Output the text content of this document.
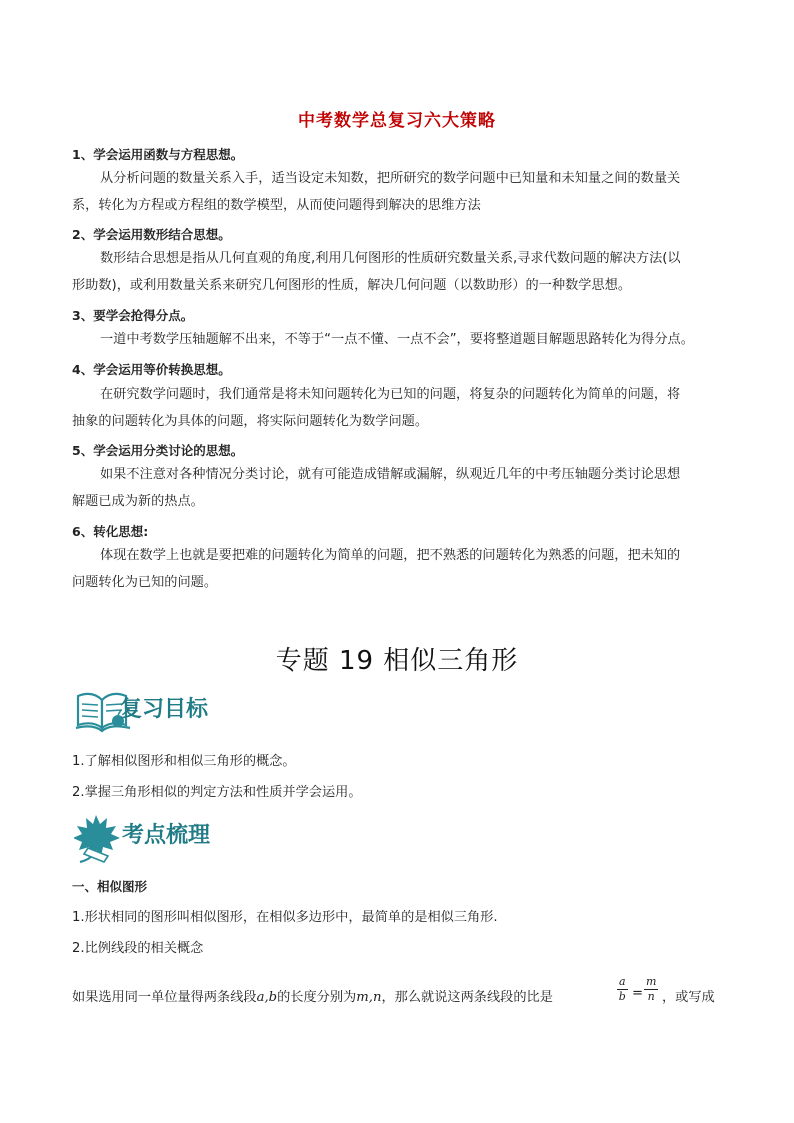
中考数学总复习六大策略
1、学会运用函数与方程思想。
从分析问题的数量关系入手，适当设定未知数，把所研究的数学问题中已知量和未知量之间的数量关
系，转化为方程或方程组的数学模型，从而使问题得到解决的思维方法
2、学会运用数形结合思想。
数形结合思想是指从几何直观的角度,利用几何图形的性质研究数量关系,寻求代数问题的解决方法(以
形助数)，或利用数量关系来研究几何图形的性质，解决几何问题（以数助形）的一种数学思想。
3、要学会抢得分点。
一道中考数学压轴题解不出来，不等于“一点不懂、一点不会”，要将整道题目解题思路转化为得分点。
4、学会运用等价转换思想。
在研究数学问题时，我们通常是将未知问题转化为已知的问题，将复杂的问题转化为简单的问题，将
抽象的问题转化为具体的问题，将实际问题转化为数学问题。
5、学会运用分类讨论的思想。
如果不注意对各种情况分类讨论，就有可能造成错解或漏解，纵观近几年的中考压轴题分类讨论思想
解题已成为新的热点。
6、转化思想:
体现在数学上也就是要把难的问题转化为简单的问题，把不熟悉的问题转化为熟悉的问题，把未知的
问题转化为已知的问题。
专题 19 相似三角形
复习目标
1.了解相似图形和相似三角形的概念。
2.掌握三角形相似的判定方法和性质并学会运用。
考点梳理
一、相似图形
1.形状相同的图形叫相似图形，在相似多边形中，最简单的是相似三角形.
2.比例线段的相关概念
如果选用同一单位量得两条线段a,b的长度分别为m,n，那么就说这两条线段的比是	$\frac{a}{b} = \frac{m}{n}$ ，或写成
